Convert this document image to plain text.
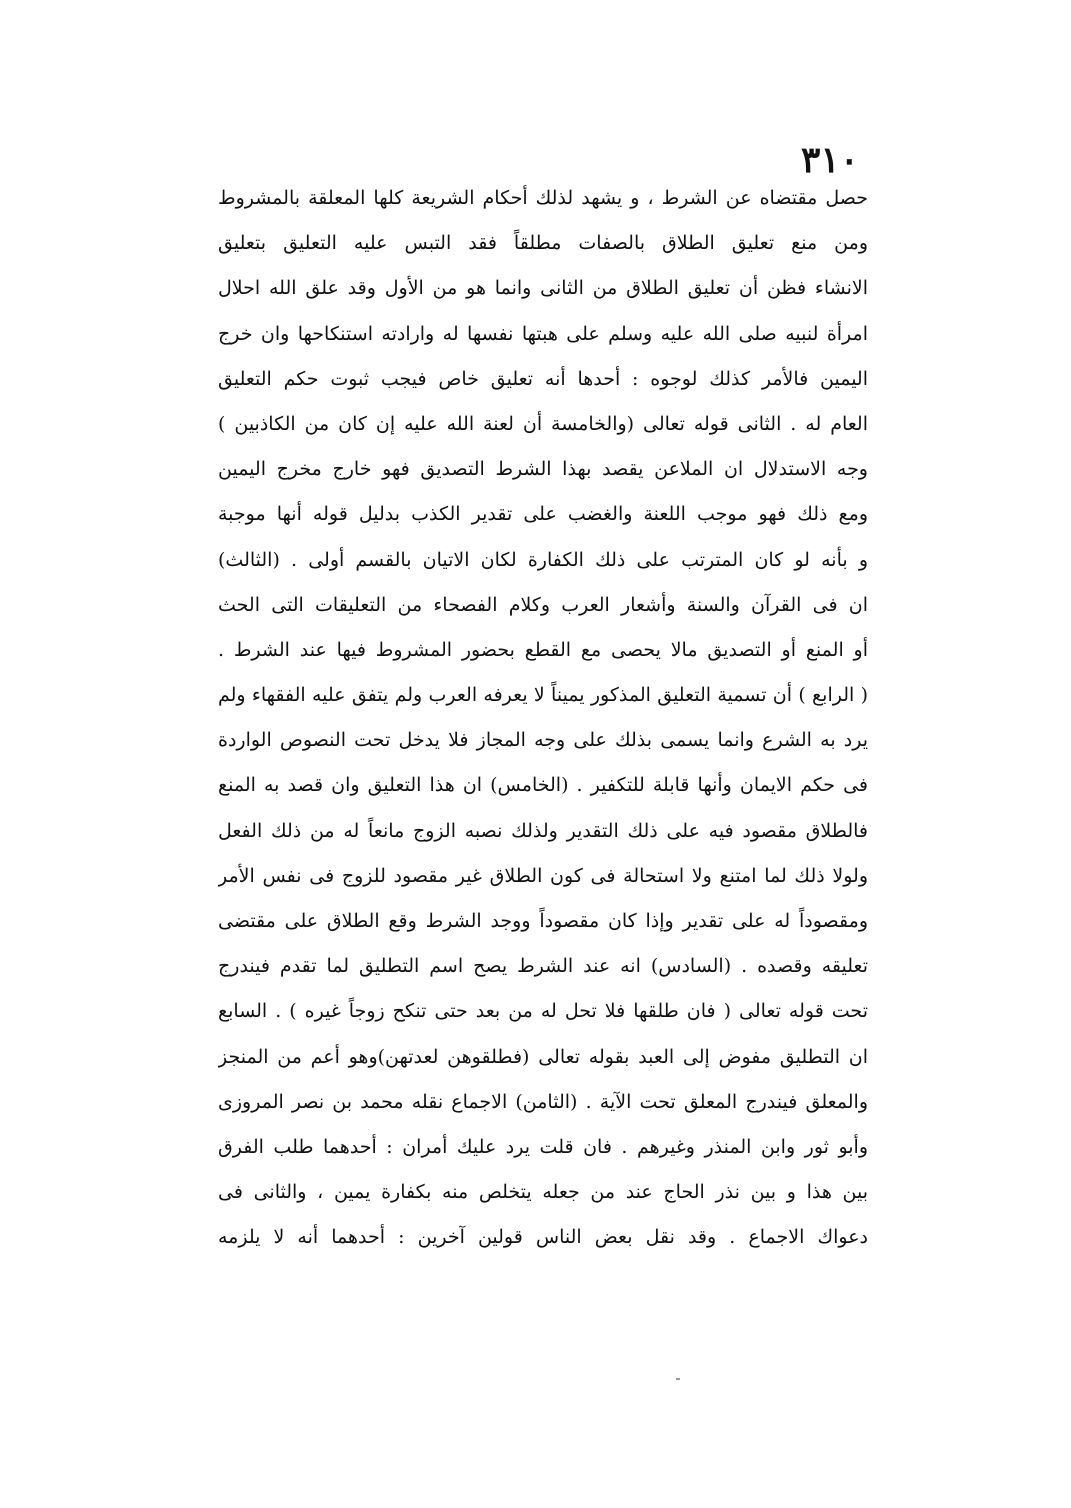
٣١٠
حصل مقتضاه عن الشرط ، و يشهد لذلك أحكام الشريعة كلها المعلقة بالمشروط
ومن منع تعليق الطلاق بالصفات مطلقاً فقد التبس عليه التعليق بتعليق
الانشاء فظن أن تعليق الطلاق من الثانى وانما هو من الأول وقد علق الله احلال
امرأة لنبيه صلى الله عليه وسلم على هبتها نفسها له وارادته استنكاحها وان خرج
اليمين فالأمر كذلك لوجوه : أحدها أنه تعليق خاص فيجب ثبوت حكم التعليق
العام له . الثانى قوله تعالى (والخامسة أن لعنة الله عليه إن كان من الكاذبين )
وجه الاستدلال ان الملاعن يقصد بهذا الشرط التصديق فهو خارج مخرج اليمين
ومع ذلك فهو موجب اللعنة والغضب على تقدير الكذب بدليل قوله أنها موجبة
و بأنه لو كان المترتب على ذلك الكفارة لكان الاتيان بالقسم أولى . (الثالث)
ان فى القرآن والسنة وأشعار العرب وكلام الفصحاء من التعليقات التى الحث
أو المنع أو التصديق مالا يحصى مع القطع بحضور المشروط فيها عند الشرط .
( الرابع ) أن تسمية التعليق المذكور يميناً لا يعرفه العرب ولم يتفق عليه الفقهاء ولم
يرد به الشرع وانما يسمى بذلك على وجه المجاز فلا يدخل تحت النصوص الواردة
فى حكم الايمان وأنها قابلة للتكفير . (الخامس) ان هذا التعليق وان قصد به المنع
فالطلاق مقصود فيه على ذلك التقدير ولذلك نصبه الزوج مانعاً له من ذلك الفعل
ولولا ذلك لما امتنع ولا استحالة فى كون الطلاق غير مقصود للزوج فى نفس الأمر
ومقصوداً له على تقدير وإذا كان مقصوداً ووجد الشرط وقع الطلاق على مقتضى
تعليقه وقصده . (السادس) انه عند الشرط يصح اسم التطليق لما تقدم فيندرج
تحت قوله تعالى ( فان طلقها فلا تحل له من بعد حتى تنكح زوجاً غيره ) . السابع
ان التطليق مفوض إلى العبد بقوله تعالى (فطلقوهن لعدتهن)وهو أعم من المنجز
والمعلق فيندرج المعلق تحت الآية . (الثامن) الاجماع نقله محمد بن نصر المروزى
وأبو ثور وابن المنذر وغيرهم . فان قلت يرد عليك أمران : أحدهما طلب الفرق
بين هذا و بين نذر الحاج عند من جعله يتخلص منه بكفارة يمين ، والثانى فى
دعواك الاجماع . وقد نقل بعض الناس قولين آخرين : أحدهما أنه لا يلزمه
